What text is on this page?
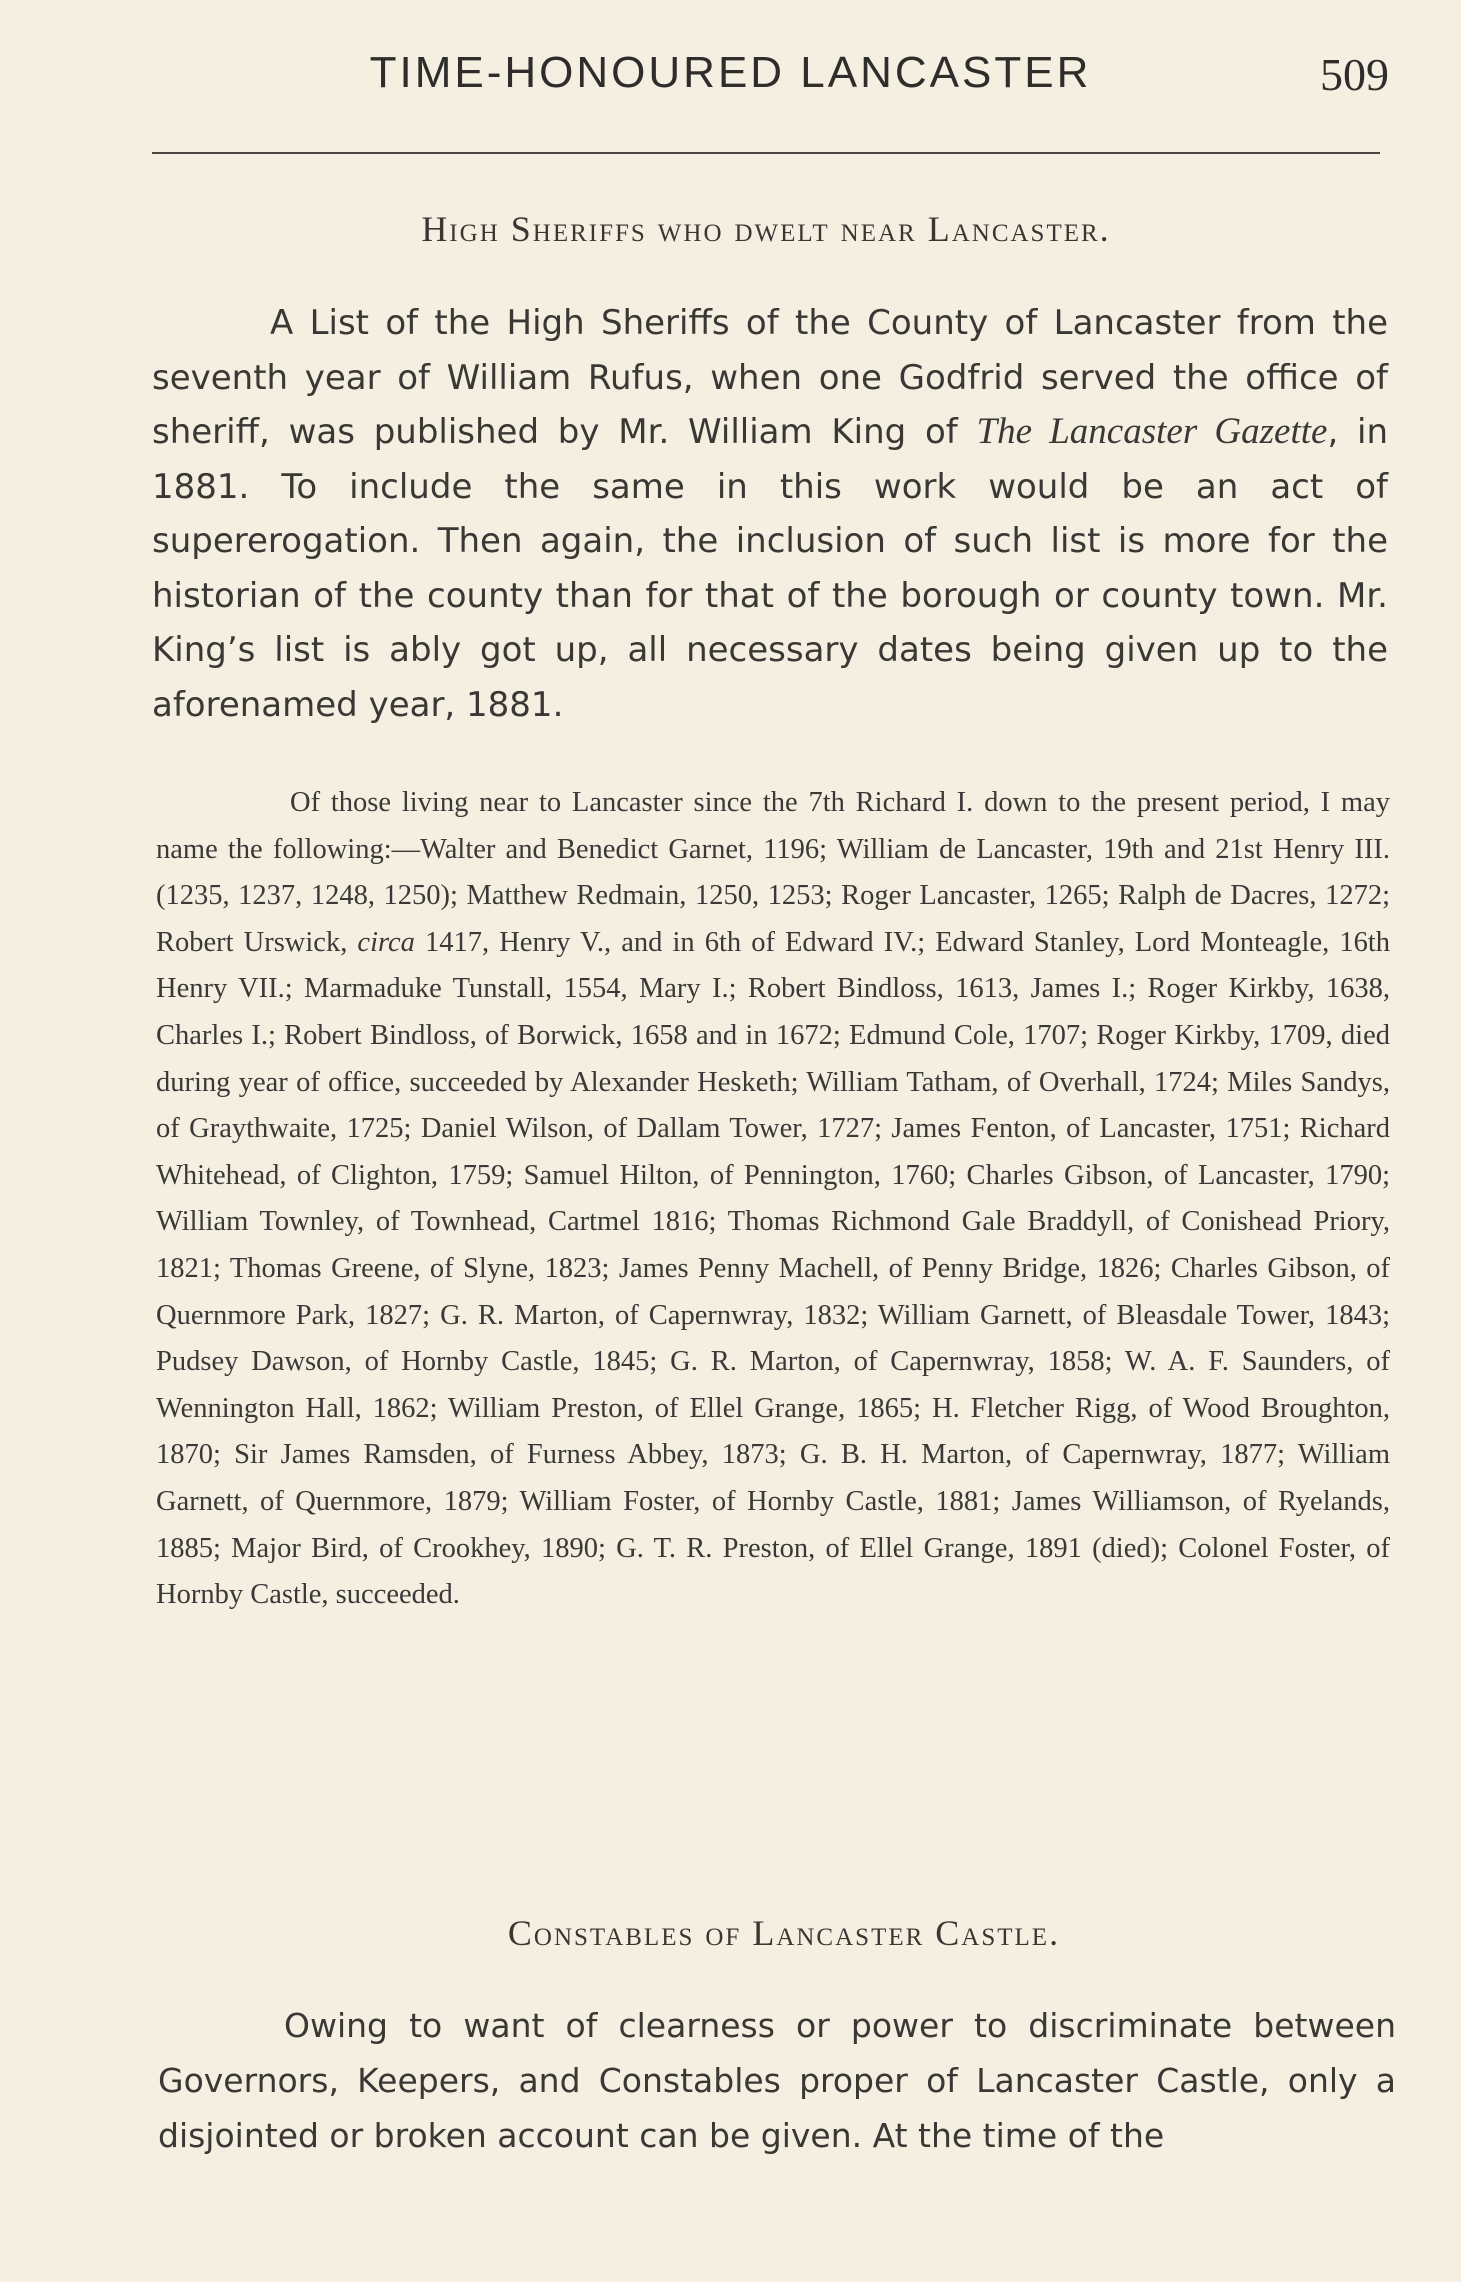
TIME-HONOURED LANCASTER	509
High Sheriffs who dwelt near Lancaster.

A List of the High Sheriffs of the County of Lancaster from the seventh year of William Rufus, when one Godfrid served the office of sheriff, was published by Mr. William King of The Lancaster Gazette, in 1881. To include the same in this work would be an act of supererogation. Then again, the inclusion of such list is more for the historian of the county than for that of the borough or county town. Mr. King’s list is ably got up, all necessary dates being given up to the aforenamed year, 1881.

Of those living near to Lancaster since the 7th Richard I. down to the present period, I may name the following:—Walter and Benedict Garnet, 1196; William de Lancaster, 19th and 21st Henry III. (1235, 1237, 1248, 1250); Matthew Redmain, 1250, 1253; Roger Lancaster, 1265; Ralph de Dacres, 1272; Robert Urswick, circa 1417, Henry V., and in 6th of Edward IV.; Edward Stanley, Lord Monteagle, 16th Henry VII.; Marmaduke Tunstall, 1554, Mary I.; Robert Bindloss, 1613, James I.; Roger Kirkby, 1638, Charles I.; Robert Bindloss, of Borwick, 1658 and in 1672; Edmund Cole, 1707; Roger Kirkby, 1709, died during year of office, succeeded by Alexander Hesketh; William Tatham, of Overhall, 1724; Miles Sandys, of Graythwaite, 1725; Daniel Wilson, of Dallam Tower, 1727; James Fenton, of Lancaster, 1751; Richard Whitehead, of Clighton, 1759; Samuel Hilton, of Pennington, 1760; Charles Gibson, of Lancaster, 1790; William Townley, of Townhead, Cartmel 1816; Thomas Richmond Gale Braddyll, of Conishead Priory, 1821; Thomas Greene, of Slyne, 1823; James Penny Machell, of Penny Bridge, 1826; Charles Gibson, of Quernmore Park, 1827; G. R. Marton, of Capernwray, 1832; William Garnett, of Bleasdale Tower, 1843; Pudsey Dawson, of Hornby Castle, 1845; G. R. Marton, of Capernwray, 1858; W. A. F. Saunders, of Wennington Hall, 1862; William Preston, of Ellel Grange, 1865; H. Fletcher Rigg, of Wood Broughton, 1870; Sir James Ramsden, of Furness Abbey, 1873; G. B. H. Marton, of Capernwray, 1877; William Garnett, of Quernmore, 1879; William Foster, of Hornby Castle, 1881; James Williamson, of Ryelands, 1885; Major Bird, of Crookhey, 1890; G. T. R. Preston, of Ellel Grange, 1891 (died); Colonel Foster, of Hornby Castle, succeeded.

Constables of Lancaster Castle.

Owing to want of clearness or power to discriminate between Governors, Keepers, and Constables proper of Lancaster Castle, only a disjointed or broken account can be given. At the time of the
